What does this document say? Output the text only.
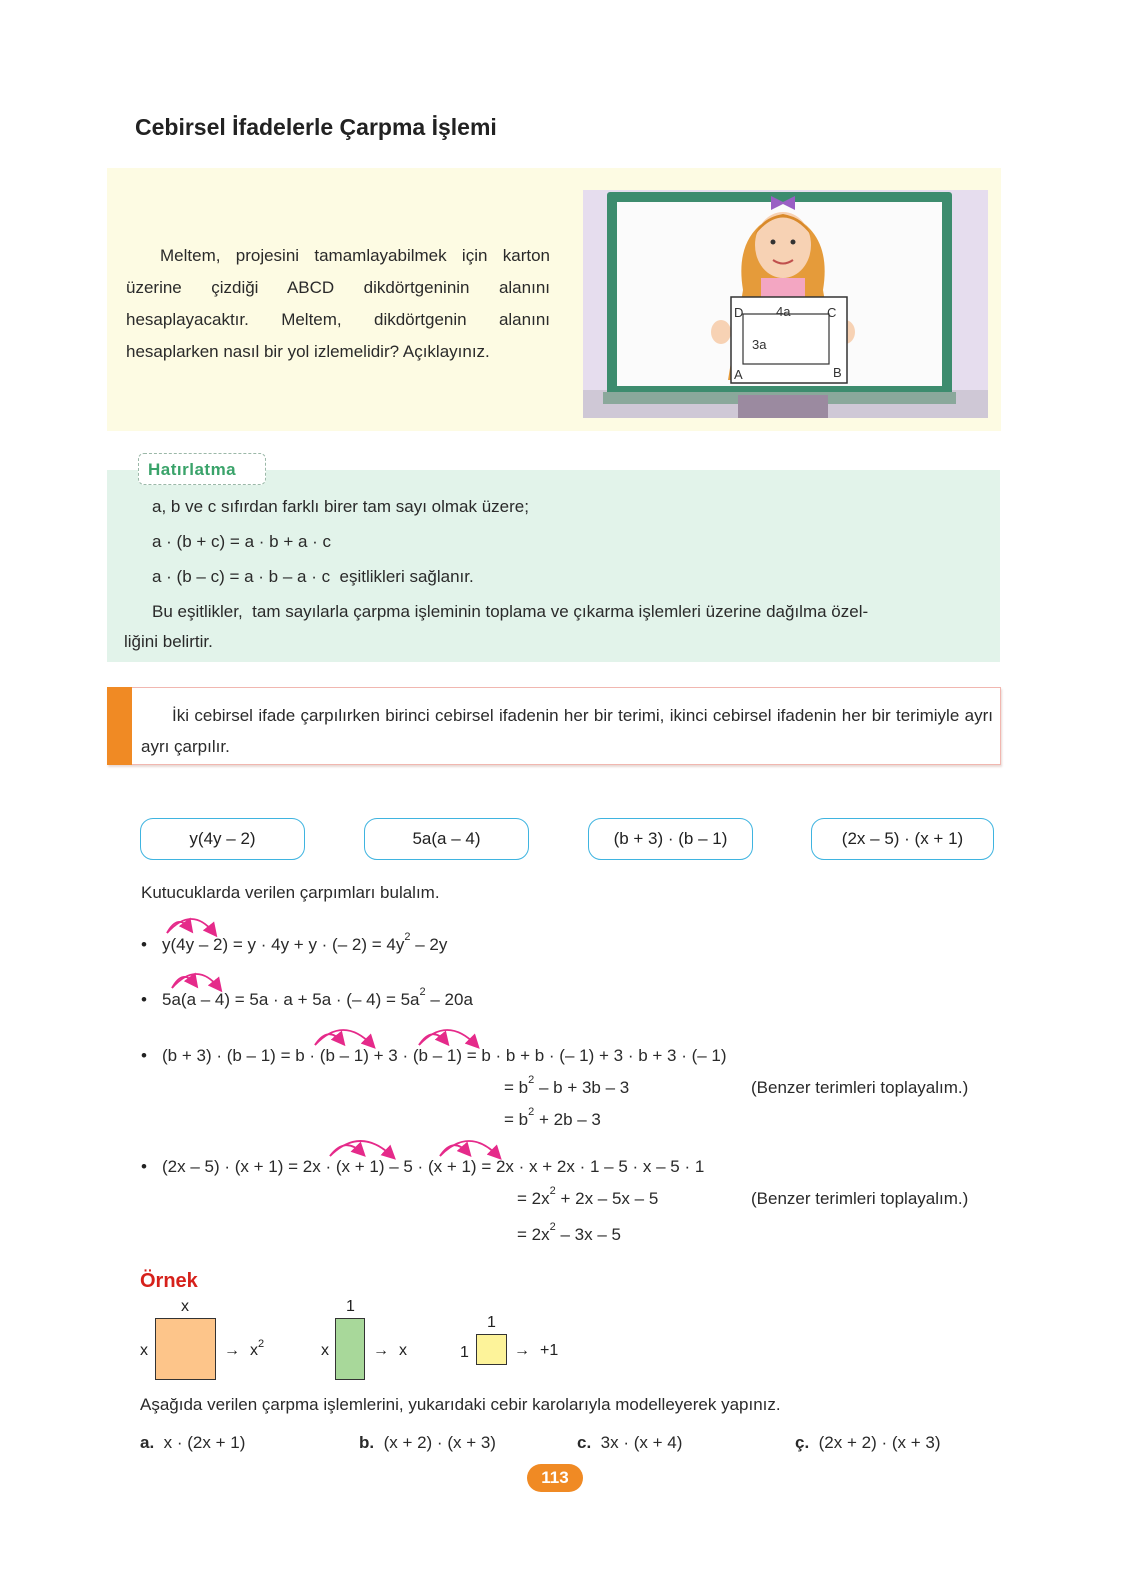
Cebirsel İfadelerle Çarpma İşlemi

Meltem, projesini tamamlayabilmek için karton üzerine çizdiği ABCD dikdörtgeninin alanını hesaplayacaktır. Meltem, dikdörtgenin alanını hesaplarken nasıl bir yol izlemelidir? Açıklayınız.

D	4a	C
3a
A	B
Hatırlatma
a, b ve c sıfırdan farklı birer tam sayı olmak üzere;
a · (b + c) = a · b + a · c
a · (b – c) = a · b – a · c  eşitlikleri sağlanır.
Bu eşitlikler,  tam sayılarla çarpma işleminin toplama ve çıkarma işlemleri üzerine dağılma özel-
liğini belirtir.

İki cebirsel ifade çarpılırken birinci cebirsel ifadenin her bir terimi, ikinci cebirsel ifadenin her bir terimiyle ayrı ayrı çarpılır.

y(4y – 2)	5a(a – 4)	(b + 3) · (b – 1)	(2x – 5) · (x + 1)
Kutucuklarda verilen çarpımları bulalım.
• y(4y – 2) = y · 4y + y · (– $2) = 4y^2 - 2y$
• 5a(a – 4) = 5a · a + 5a · (– $4) = 5a^2 - 20a$
• (b + 3) · (b – 1) = b · (b – 1) + 3 · (b – 1) = b · b + b · (– 1) + 3 · b + 3 · (– 1)
= $b^2 - b + 3b - 3$	(Benzer terimleri toplayalım.)
= $b^2 + 2b - 3$
• (2x – 5) · (x + 1) = 2x · (x + 1) – 5 · (x + 1) = 2x · x + 2x · 1 – 5 · x – 5 · 1
= $2x^2 + 2x - 5x - 5$	(Benzer terimleri toplayalım.)
= $2x^2 - 3x - 5$
Örnek
x
x	→ $x^2$
1
x	→ x
1
1	→ +1
Aşağıda verilen çarpma işlemlerini, yukarıdaki cebir karolarıyla modelleyerek yapınız.
a. x · (2x + 1)	b. (x + 2) · (x + 3)	c. 3x · (x + 4)	ç. (2x + 2) · (x + 3)
113
